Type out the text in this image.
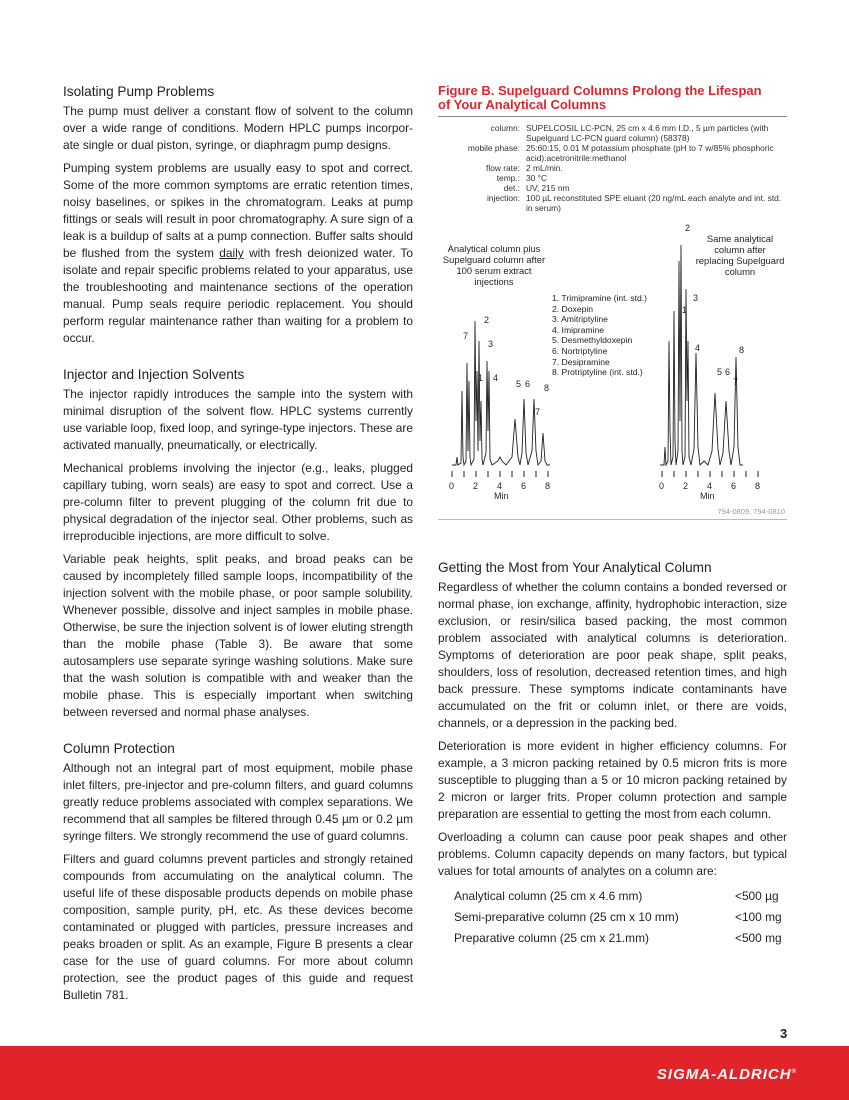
Isolating Pump Problems

The pump must deliver a constant flow of solvent to the column over a wide range of conditions. Modern HPLC pumps incorpor-ate single or dual piston, syringe, or diaphragm pump designs.

Pumping system problems are usually easy to spot and correct. Some of the more common symptoms are erratic retention times, noisy baselines, or spikes in the chromatogram. Leaks at pump fittings or seals will result in poor chromatography. A sure sign of a leak is a buildup of salts at a pump connection. Buffer salts should be flushed from the system daily with fresh deionized water. To isolate and repair specific problems related to your apparatus, use the troubleshooting and maintenance sections of the operation manual. Pump seals require periodic replacement. You should perform regular maintenance rather than waiting for a problem to occur.

Injector and Injection Solvents

The injector rapidly introduces the sample into the system with minimal disruption of the solvent flow. HPLC systems currently use variable loop, fixed loop, and syringe-type injectors. These are activated manually, pneumatically, or electrically.

Mechanical problems involving the injector (e.g., leaks, plugged capillary tubing, worn seals) are easy to spot and correct. Use a pre-column filter to prevent plugging of the column frit due to physical degradation of the injector seal. Other problems, such as irreproducible injections, are more difficult to solve.

Variable peak heights, split peaks, and broad peaks can be caused by incompletely filled sample loops, incompatibility of the injection solvent with the mobile phase, or poor sample solubility. Whenever possible, dissolve and inject samples in mobile phase. Otherwise, be sure the injection solvent is of lower eluting strength than the mobile phase (Table 3). Be aware that some autosamplers use separate syringe washing solutions. Make sure that the wash solution is compatible with and weaker than the mobile phase. This is especially important when switching between reversed and normal phase analyses.

Column Protection

Although not an integral part of most equipment, mobile phase inlet filters, pre-injector and pre-column filters, and guard columns greatly reduce problems associated with complex separations. We recommend that all samples be filtered through 0.45 µm or 0.2 µm syringe filters. We strongly recommend the use of guard columns.

Filters and guard columns prevent particles and strongly retained compounds from accumulating on the analytical column. The useful life of these disposable products depends on mobile phase composition, sample purity, pH, etc. As these devices become contaminated or plugged with particles, pressure increases and peaks broaden or split. As an example, Figure B presents a clear case for the use of guard columns. For more about column protection, see the product pages of this guide and request Bulletin 781.

Figure B. Supelguard Columns Prolong the Lifespan
of Your Analytical Columns
column: SUPELCOSIL LC-PCN, 25 cm x 4.6 mm I.D., 5 µm particles (with Supelguard LC-PCN guard column) (58378)
mobile phase: 25:60:15, 0.01 M potassium phosphate (pH to 7 w/85% phosphoric acid):acetronitrile:methanol
flow rate: 2 mL/min.
temp.: 30 °C
det.: UV, 215 nm
injection: 100 µL reconstituted SPE eluant (20 ng/mL each analyte and int. std. in serum)
Analytical column plus Supelguard column after 100 serum extract injections
Same analytical column after replacing Supelguard column
1. Trimipramine (int. std.)
2. Doxepin
3. Amitriptyline
4. Imipramine
5. Desmethyldoxepin
6. Nortriptyline
7. Desipramine
8. Protriptyline (int. std.)
7
2
3
1 4
5 6 8
7
2
3
1
4	8
5 6
7
0 2 4 6 8
Min
0 2 4 6 8
Min
794-0809, 794-0810
Getting the Most from Your Analytical Column

Regardless of whether the column contains a bonded reversed or normal phase, ion exchange, affinity, hydrophobic interaction, size exclusion, or resin/silica based packing, the most common problem associated with analytical columns is deterioration. Symptoms of deterioration are poor peak shape, split peaks, shoulders, loss of resolution, decreased retention times, and high back pressure. These symptoms indicate contaminants have accumulated on the frit or column inlet, or there are voids, channels, or a depression in the packing bed.

Deterioration is more evident in higher efficiency columns. For example, a 3 micron packing retained by 0.5 micron frits is more susceptible to plugging than a 5 or 10 micron packing retained by 2 micron or larger frits. Proper column protection and sample preparation are essential to getting the most from each column.

Overloading a column can cause poor peak shapes and other problems. Column capacity depends on many factors, but typical values for total amounts of analytes on a column are:

Analytical column (25 cm x 4.6 mm)	<500 µg
Semi-preparative column (25 cm x 10 mm)	<100 mg
Preparative column (25 cm x 21.mm)	<500 mg
3
SIGMA-ALDRICH®
